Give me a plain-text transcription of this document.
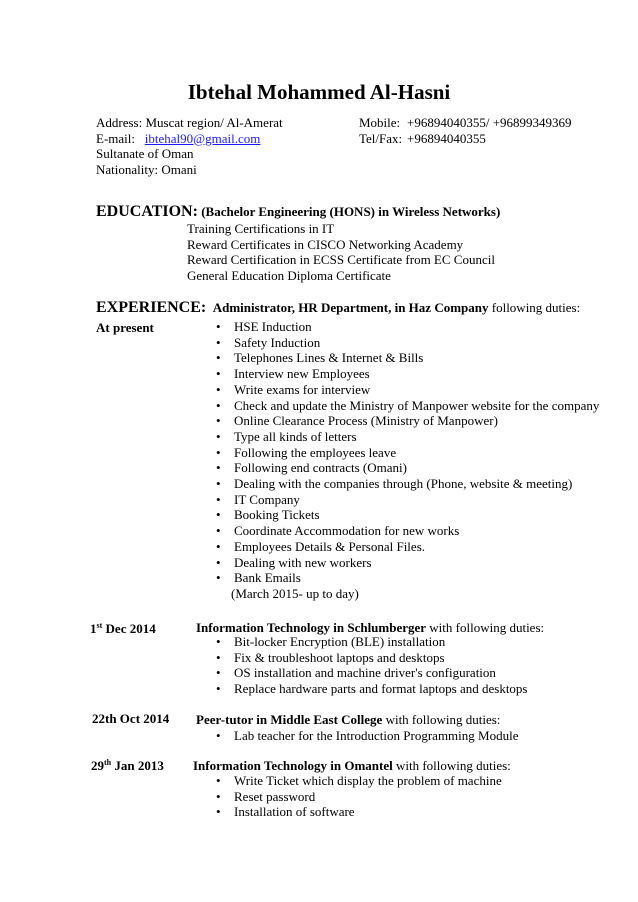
Ibtehal Mohammed Al-Hasni
Address: Muscat region/ Al-Amerat
E-mail: ibtehal90@gmail.com
Sultanate of Oman
Nationality: Omani
Mobile: +96894040355/ +96899349369
Tel/Fax: +96894040355
EDUCATION: (Bachelor Engineering (HONS) in Wireless Networks)
Training Certifications in IT
Reward Certificates in CISCO Networking Academy
Reward Certification in ECSS Certificate from EC Council
General Education Diploma Certificate
EXPERIENCE: Administrator, HR Department, in Haz Company following duties:
At present
•	HSE Induction
• Safety Induction
• Telephones Lines & Internet & Bills
• Interview new Employees
• Write exams for interview
• Check and update the Ministry of Manpower website for the company
• Online Clearance Process (Ministry of Manpower)
• Type all kinds of letters
• Following the employees leave
• Following end contracts (Omani)
• Dealing with the companies through (Phone, website & meeting)
• IT Company
• Booking Tickets
• Coordinate Accommodation for new works
• Employees Details & Personal Files.
• Dealing with new workers
• Bank Emails
(March 2015- up to day)
1st Dec 2014	Information Technology in Schlumberger with following duties:
• Bit-locker Encryption (BLE) installation
• Fix & troubleshoot laptops and desktops
• OS installation and machine driver's configuration
• Replace hardware parts and format laptops and desktops
22th Oct 2014 Peer-tutor in Middle East College with following duties:
• Lab teacher for the Introduction Programming Module
29th Jan 2013 Information Technology in Omantel with following duties:
• Write Ticket which display the problem of machine
• Reset password
• Installation of software
